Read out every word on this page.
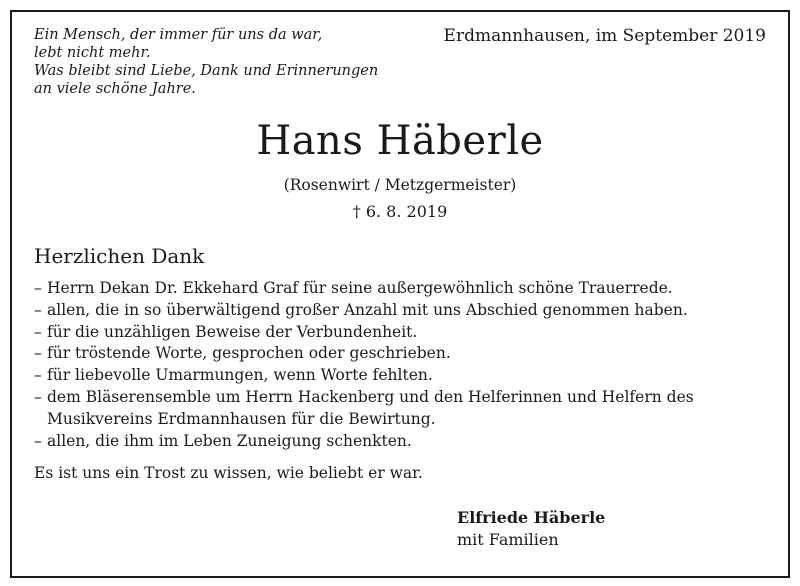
Ein Mensch, der immer für uns da war,
lebt nicht mehr.
Was bleibt sind Liebe, Dank und Erinnerungen
an viele schöne Jahre.
Erdmannhausen, im September 2019
Hans Häberle
(Rosenwirt / Metzgermeister)
† 6. 8. 2019
Herzlichen Dank
– Herrn Dekan Dr. Ekkehard Graf für seine außergewöhnlich schöne Trauerrede.
– allen, die in so überwältigend großer Anzahl mit uns Abschied genommen haben.
– für die unzähligen Beweise der Verbundenheit.
– für tröstende Worte, gesprochen oder geschrieben.
– für liebevolle Umarmungen, wenn Worte fehlten.
– dem Bläserensemble um Herrn Hackenberg und den Helferinnen und Helfern des
Musikvereins Erdmannhausen für die Bewirtung.
– allen, die ihm im Leben Zuneigung schenkten.
Es ist uns ein Trost zu wissen, wie beliebt er war.
Elfriede Häberle
mit Familien
